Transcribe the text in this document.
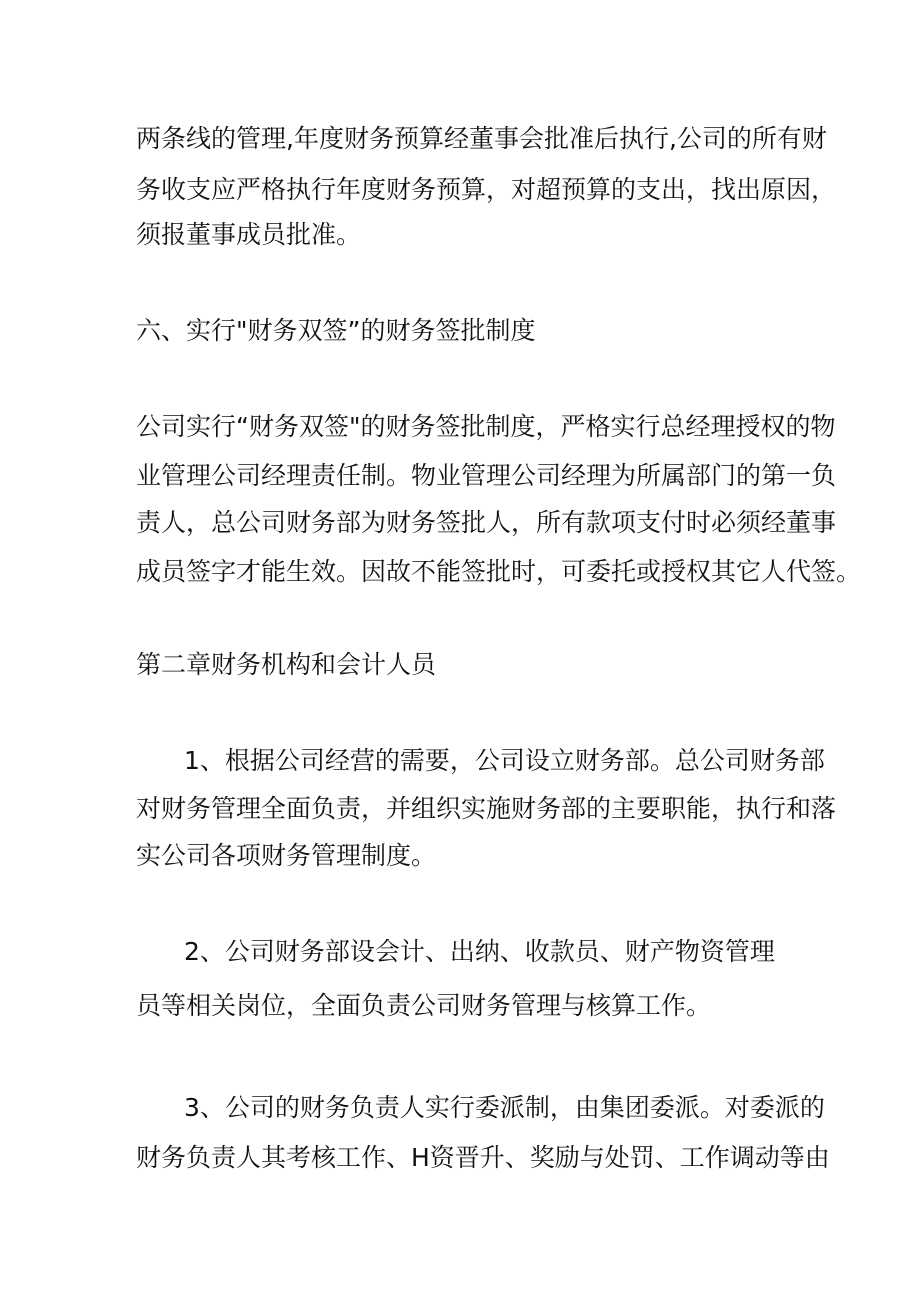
两条线的管理,年度财务预算经董事会批准后执行,公司的所有财
务收支应严格执行年度财务预算，对超预算的支出，找出原因，
须报董事成员批准。
六、实行"财务双签”的财务签批制度
公司实行“财务双签"的财务签批制度，严格实行总经理授权的物
业管理公司经理责任制。物业管理公司经理为所属部门的第一负
责人，总公司财务部为财务签批人，所有款项支付时必须经董事
成员签字才能生效。因故不能签批时，可委托或授权其它人代签。
第二章财务机构和会计人员
1、根据公司经营的需要，公司设立财务部。总公司财务部
对财务管理全面负责，并组织实施财务部的主要职能，执行和落
实公司各项财务管理制度。
2、公司财务部设会计、出纳、收款员、财产物资管理
员等相关岗位，全面负责公司财务管理与核算工作。
3、公司的财务负责人实行委派制，由集团委派。对委派的
财务负责人其考核工作、H资晋升、奖励与处罚、工作调动等由
